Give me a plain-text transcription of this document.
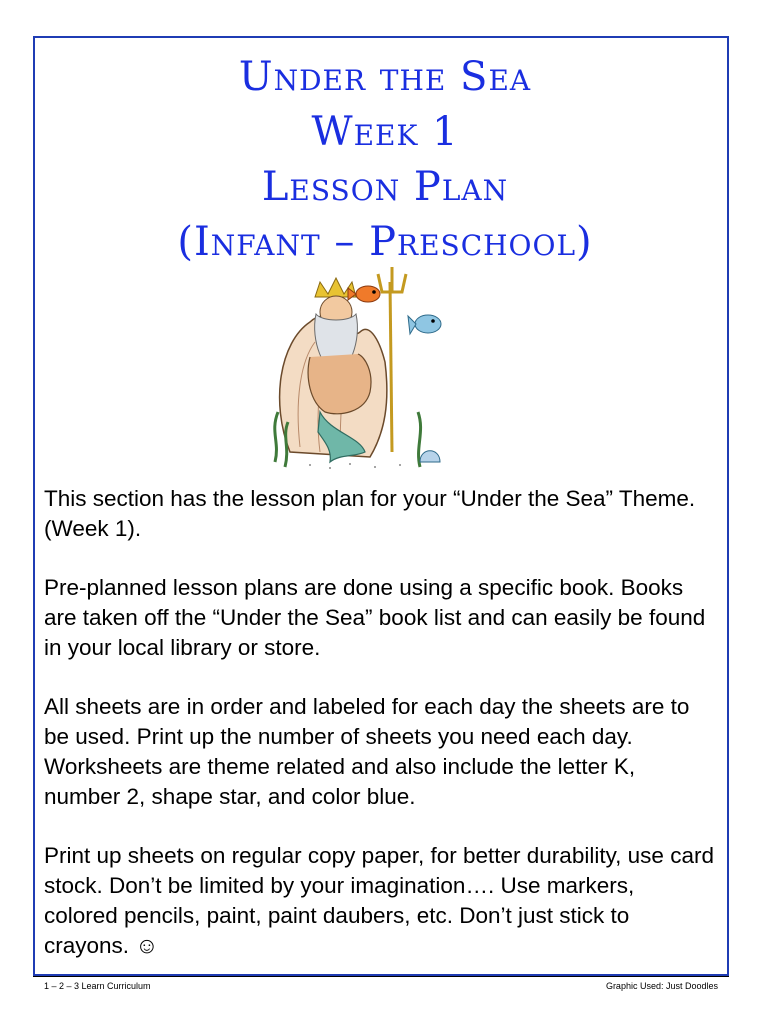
Under the Sea
Week 1
Lesson Plan
(Infant – Preschool)

This section has the lesson plan for your “Under the Sea” Theme. (Week 1).

Pre-planned lesson plans are done using a specific book. Books are taken off the “Under the Sea” book list and can easily be found in your local library or store.

All sheets are in order and labeled for each day the sheets are to be used. Print up the number of sheets you need each day. Worksheets are theme related and also include the letter K, number 2, shape star, and color blue.

Print up sheets on regular copy paper, for better durability, use card stock. Don’t be limited by your imagination…. Use markers, colored pencils, paint, paint daubers, etc. Don’t just stick to crayons. ☺

1 – 2 – 3 Learn Curriculum	Graphic Used: Just Doodles
